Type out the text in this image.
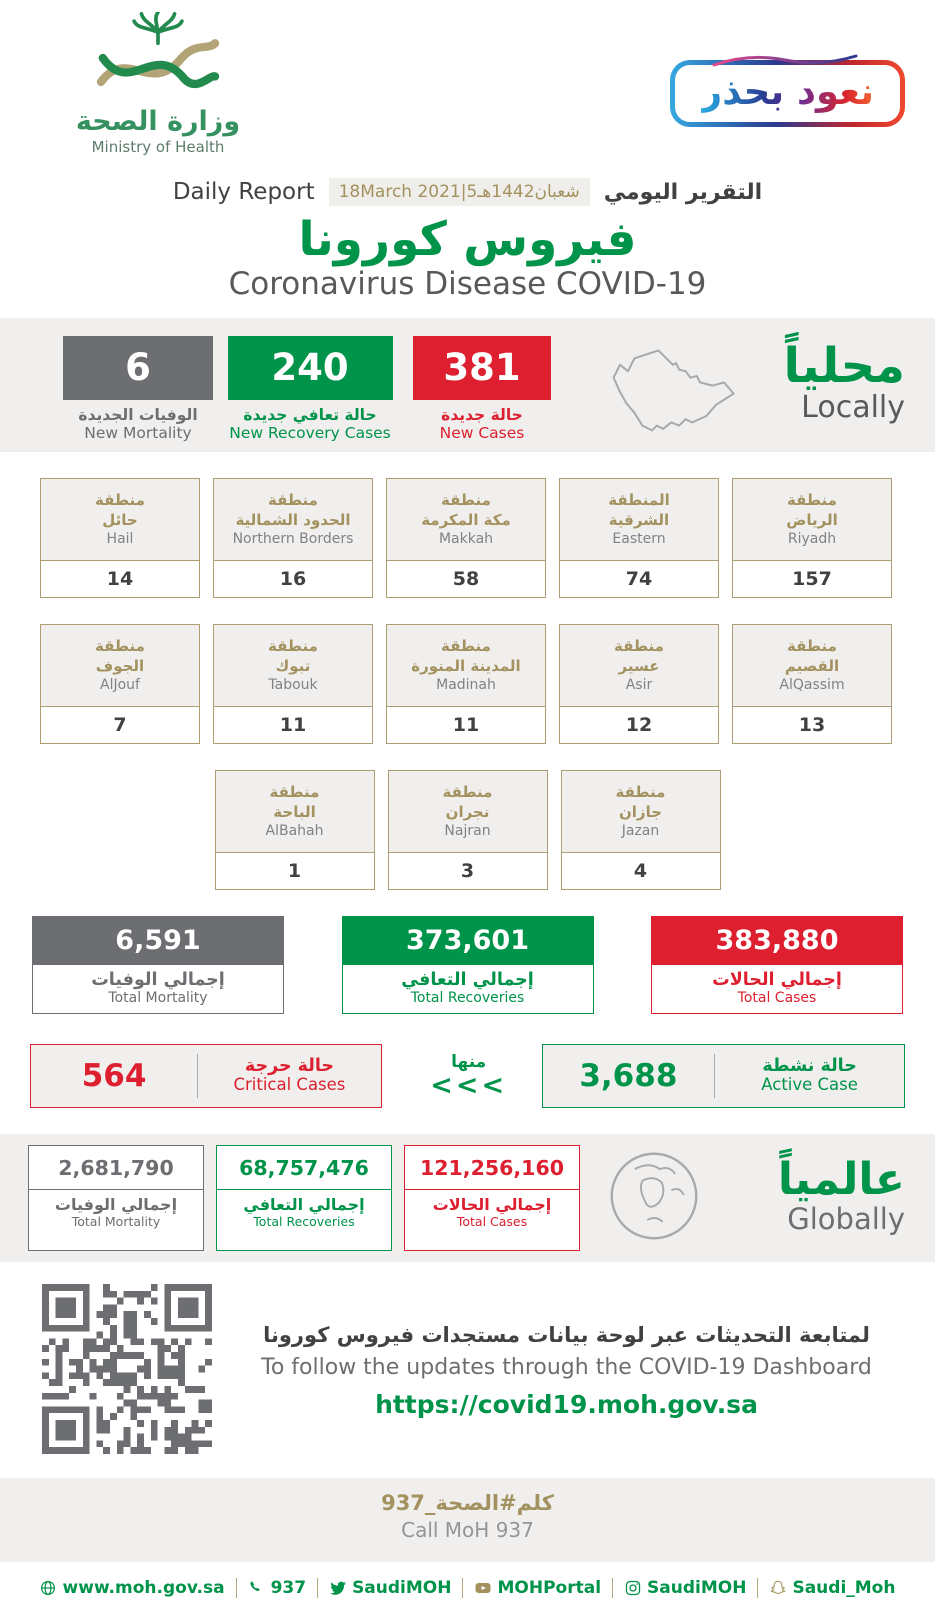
وزارة الصحة
Ministry of Health
نعود بحذر
Daily Report	18March 2021|5شعبان1442هـ	التقرير اليومي
فيروس كورونا
Coronavirus Disease COVID-19
6
الوفيات الجديدة
New Mortality
240
حالة تعافي جديدة
New Recovery Cases
381
حالة جديدة
New Cases
محلياً
Locally
منطقة
حائل
Hail
14
منطقة
الحدود الشمالية
Northern Borders
16
منطقة
مكة المكرمة
Makkah
58
المنطقة
الشرقية
Eastern
74
منطقة
الرياض
Riyadh
157
منطقة
الجوف
AlJouf
7
منطقة
تبوك
Tabouk
11
منطقة
المدينة المنورة
Madinah
11
منطقة
عسير
Asir
12
منطقة
القصيم
AlQassim
13
منطقة
الباحة
AlBahah
1
منطقة
نجران
Najran
3
منطقة
جازان
Jazan
4
6,591
إجمالي الوفيات
Total Mortality
373,601
إجمالي التعافي
Total Recoveries
383,880
إجمالي الحالات
Total Cases
564	حالة حرجة
Critical Cases
منها
<<<	3,688	حالة نشطة
Active Case
2,681,790
إجمالي الوفيات
Total Mortality
68,757,476
إجمالي التعافي
Total Recoveries
121,256,160
إجمالي الحالات
Total Cases
عالمياً
Globally
لمتابعة التحديثات عبر لوحة بيانات مستجدات فيروس كورونا
To follow the updates through the COVID-19 Dashboard
https://covid19.moh.gov.sa
كلم#الصحة_937
Call MoH 937
www.moh.gov.sa	937	SaudiMOH	MOHPortal	SaudiMOH	Saudi_Moh
